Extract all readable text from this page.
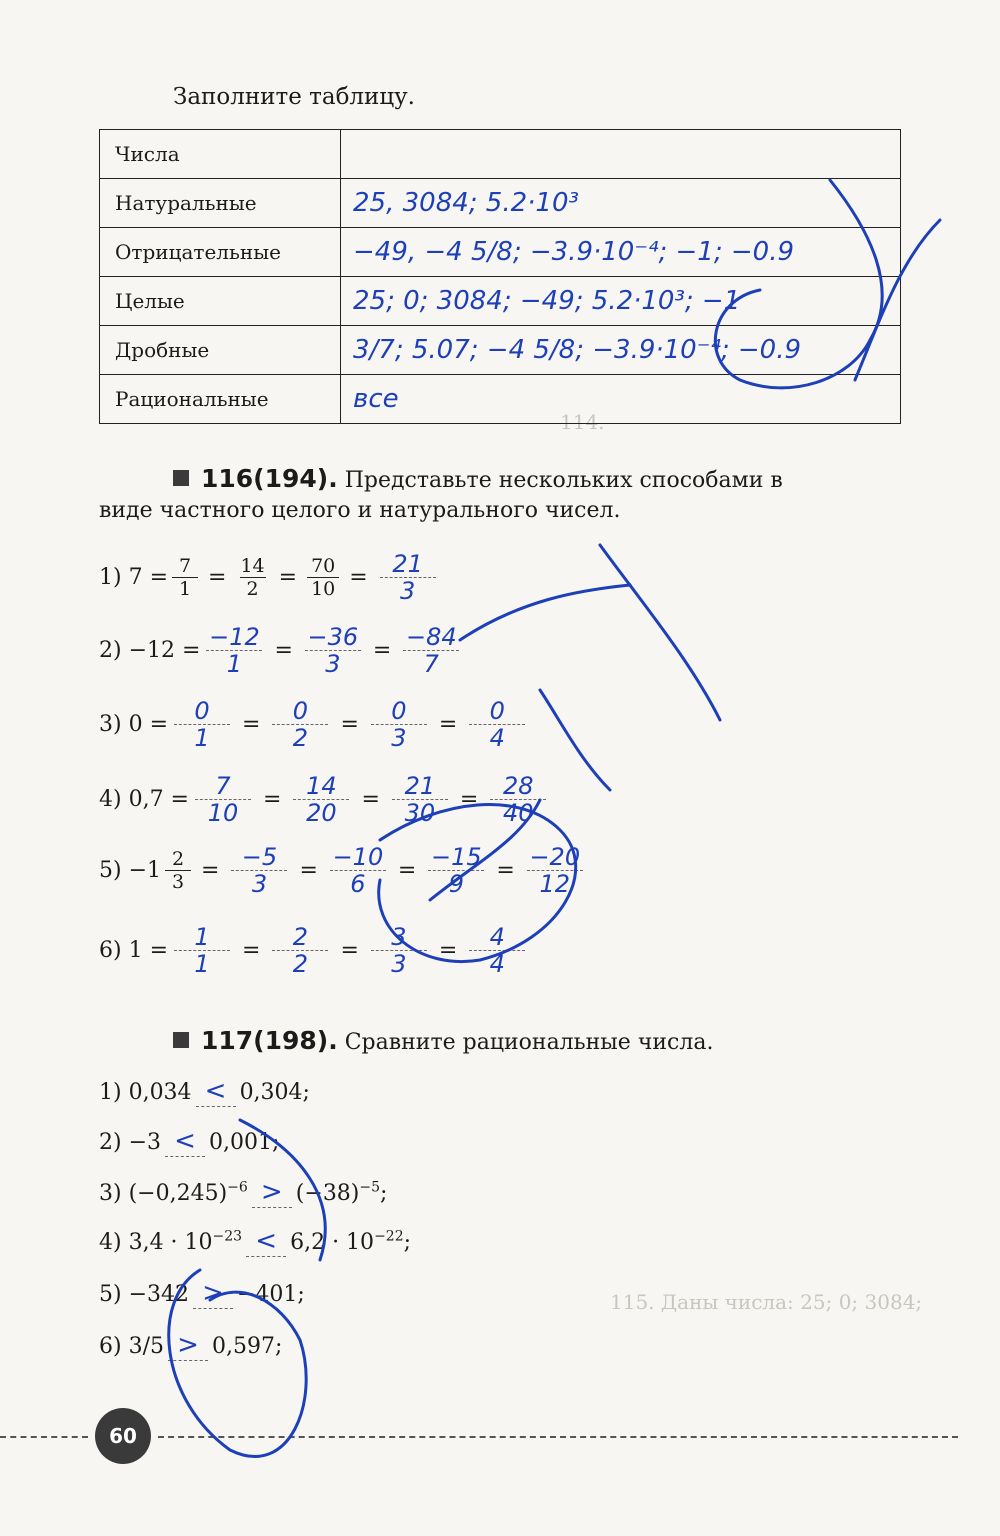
114.
115. Даны числа: 25; 0; 3084;
Заполните таблицу.
Числа	
Натуральные	25, 3084; 5.2·10³
Отрицательные	−49, −4 5/8; −3.9·10⁻⁴; −1; −0.9
Целые	25; 0; 3084; −49; 5.2·10³; −1
Дробные	3/7; 5.07; −4 5/8; −3.9·10⁻⁴; −0.9
Рациональные	все
116(194). Представьте нескольких способами в
виде частного целого и натурального чисел.
1) $7 = \frac{7}{1} = \frac{14}{2} = \frac{70}{10} = \frac{21}{3}$
$2) -12 = \frac{-12}{1} = \frac{-36}{3} = \frac{-84}{7}$
3) $0 = \frac{0}{1} = \frac{0}{2} = \frac{0}{3} = \frac{0}{4}$
4) $0,7 = \frac{7}{10} = \frac{14}{20} = \frac{21}{30} = \frac{28}{40}$
$5) -1 \frac{2}{3} = \frac{-5}{3} = \frac{-10}{6} = \frac{-15}{9} = \frac{-20}{12}$
6) $1 = \frac{1}{1} = \frac{2}{2} = \frac{3}{3} = \frac{4}{4}$
117(198). Сравните рациональные числа.
1) 0,034 < 0,304;
2) −3 < 0,001;
3) $(-0,245)^{-6} > (-38)^{-5}$;
4) $3,4 \cdot 10^{-23} < 6,2 \cdot 10^{-22}$;
5) −342 > −401;
6) 3/5 > 0,597;
60
